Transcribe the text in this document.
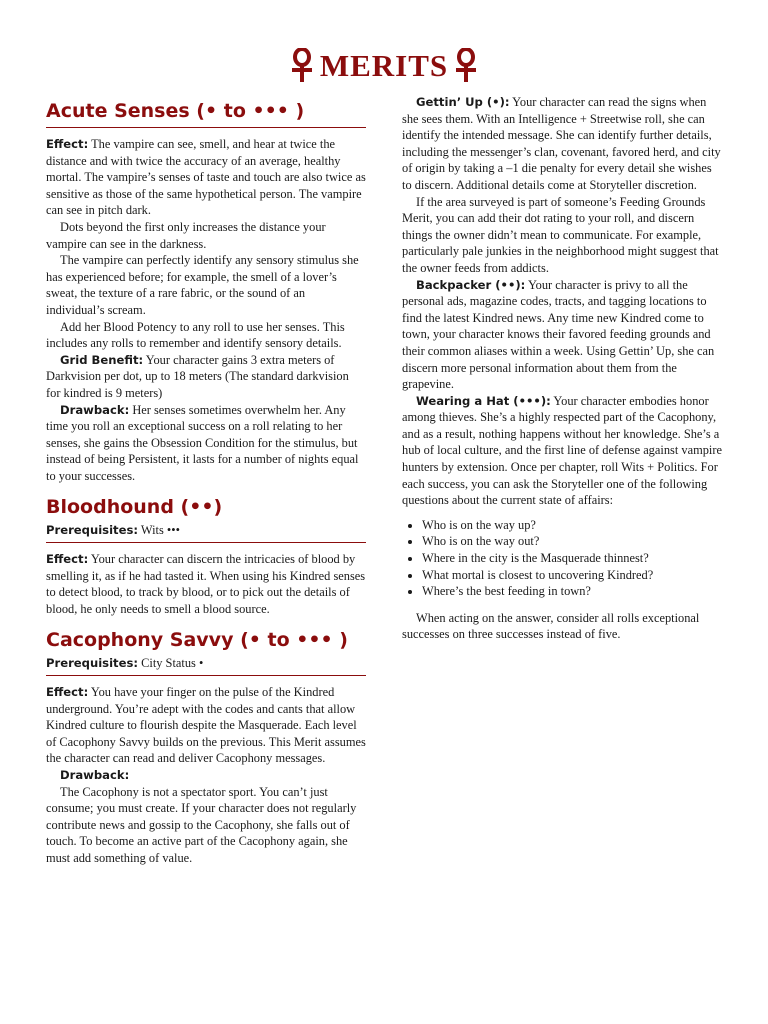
MERITS
Acute Senses (• to ••• )

Effect: The vampire can see, smell, and hear at twice the distance and with twice the accuracy of an average, healthy mortal. The vampire’s senses of taste and touch are also twice as sensitive as those of the same hypothetical person. The vampire can see in pitch dark.

Dots beyond the first only increases the distance your vampire can see in the darkness.

The vampire can perfectly identify any sensory stimulus she has experienced before; for example, the smell of a lover’s sweat, the texture of a rare fabric, or the sound of an individual’s scream.

Add her Blood Potency to any roll to use her senses. This includes any rolls to remember and identify sensory details.

Grid Benefit: Your character gains 3 extra meters of Darkvision per dot, up to 18 meters (The standard darkvision for kindred is 9 meters)

Drawback: Her senses sometimes overwhelm her. Any time you roll an exceptional success on a roll relating to her senses, she gains the Obsession Condition for the stimulus, but instead of being Persistent, it lasts for a number of nights equal to your successes.

Bloodhound (••)

Prerequisites: Wits •••

Effect: Your character can discern the intricacies of blood by smelling it, as if he had tasted it. When using his Kindred senses to detect blood, to track by blood, or to pick out the details of blood, he only needs to smell a blood source.

Cacophony Savvy (• to ••• )

Prerequisites: City Status •

Effect: You have your finger on the pulse of the Kindred underground. You’re adept with the codes and cants that allow Kindred culture to flourish despite the Masquerade. Each level of Cacophony Savvy builds on the previous. This Merit assumes the character can read and deliver Cacophony messages.

Drawback:

The Cacophony is not a spectator sport. You can’t just consume; you must create. If your character does not regularly contribute news and gossip to the Cacophony, she falls out of touch. To become an active part of the Cacophony again, she must add something of value.

Gettin’ Up (•): Your character can read the signs when she sees them. With an Intelligence + Streetwise roll, she can identify the intended message. She can identify further details, including the messenger’s clan, covenant, favored herd, and city of origin by taking a –1 die penalty for every detail she wishes to discern. Additional details come at Storyteller discretion.

If the area surveyed is part of someone’s Feeding Grounds Merit, you can add their dot rating to your roll, and discern things the owner didn’t mean to communicate. For example, particularly pale junkies in the neighborhood might suggest that the owner feeds from addicts.

Backpacker (••): Your character is privy to all the personal ads, magazine codes, tracts, and tagging locations to find the latest Kindred news. Any time new Kindred come to town, your character knows their favored feeding grounds and their common aliases within a week. Using Gettin’ Up, she can discern more personal information about them from the grapevine.

Wearing a Hat (•••): Your character embodies honor among thieves. She’s a highly respected part of the Cacophony, and as a result, nothing happens without her knowledge. She’s a hub of local culture, and the first line of defense against vampire hunters by extension. Once per chapter, roll Wits + Politics. For each success, you can ask the Storyteller one of the following questions about the current state of affairs:

• Who is on the way up?
• Who is on the way out?
• Where in the city is the Masquerade thinnest?
• What mortal is closest to uncovering Kindred?
• Where’s the best feeding in town?

When acting on the answer, consider all rolls exceptional successes on three successes instead of five.
